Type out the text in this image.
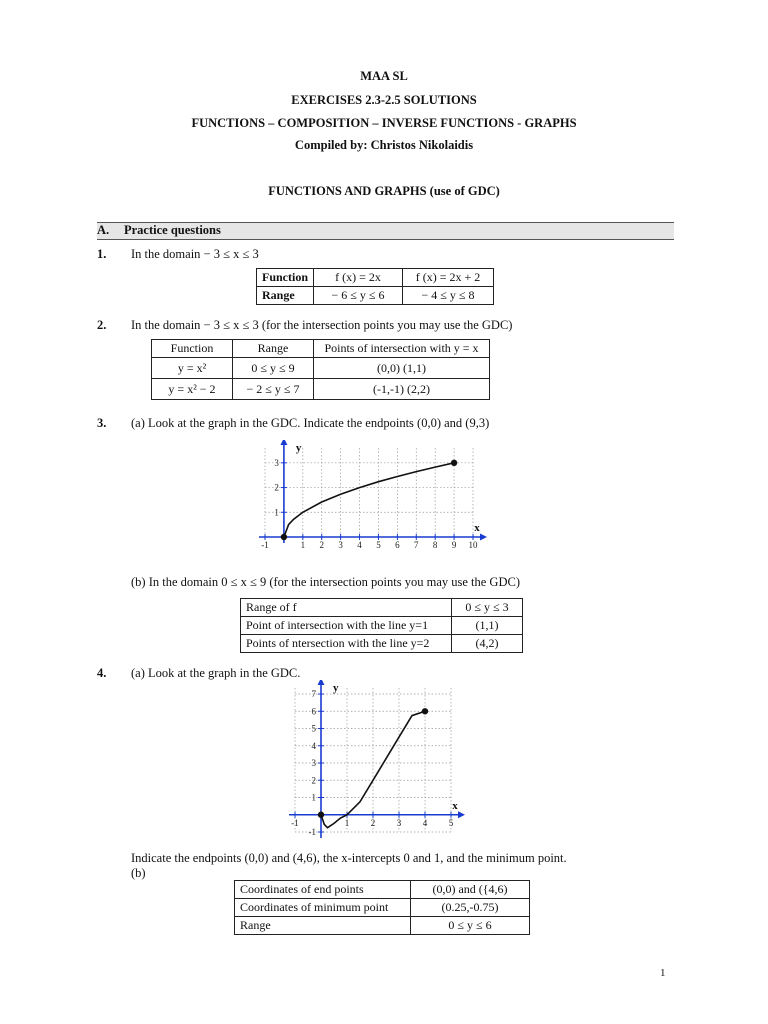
MAA SL
EXERCISES 2.3-2.5 SOLUTIONS
FUNCTIONS – COMPOSITION – INVERSE FUNCTIONS - GRAPHS
Compiled by: Christos Nikolaidis
FUNCTIONS AND GRAPHS (use of GDC)
A. Practice questions
1. In the domain − 3 ≤ x ≤ 3
Function	f (x) = 2x	f (x) = 2x + 2
Range	− 6 ≤ y ≤ 6	− 4 ≤ y ≤ 8
2. In the domain − 3 ≤ x ≤ 3 (for the intersection points you may use the GDC)
Function	Range	Points of intersection with y = x
y = x²	0 ≤ y ≤ 9	(0,0) (1,1)
y = x² − 2	− 2 ≤ y ≤ 7	(-1,-1) (2,2)
3. (a) Look at the graph in the GDC. Indicate the endpoints (0,0) and (9,3)
-1	1 2 3 4 5 6 7 8 9 10
1
2
3
x
y
(b) In the domain 0 ≤ x ≤ 9 (for the intersection points you may use the GDC)
Range of f	0 ≤ y ≤ 3
Point of intersection with the line y=1	(1,1)
Points of ntersection with the line y=2	(4,2)
4. (a) Look at the graph in the GDC.
-1	1 2 3 4 5
-1
1
2
3
4
5
6
7
x
y
Indicate the endpoints (0,0) and (4,6), the x-intercepts 0 and 1, and the minimum point.
(b)
Coordinates of end points	(0,0) and ({4,6)
Coordinates of minimum point	(0.25,-0.75)
Range	0 ≤ y ≤ 6
1
